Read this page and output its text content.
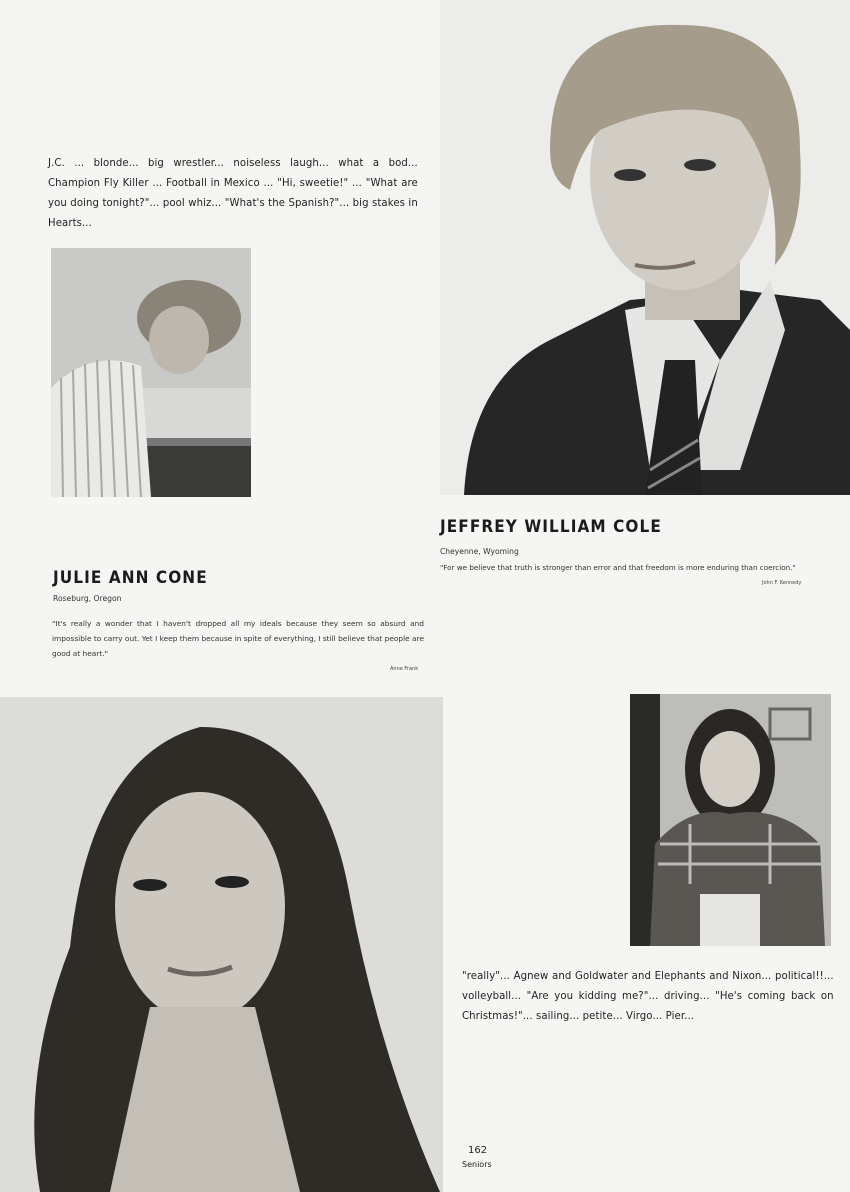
J.C. ... blonde... big wrestler... noiseless laugh... what a bod... Champion Fly Killer ... Football in Mexico ... "Hi, sweetie!" ... "What are you doing tonight?"... pool whiz... "What's the Spanish?"... big stakes in Hearts...
JEFFREY WILLIAM COLE
Cheyenne, Wyoming
"For we believe that truth is stronger than error and that freedom is more enduring than coercion."
John F. Kennedy
JULIE ANN CONE
Roseburg, Oregon
"It's really a wonder that I haven't dropped all my ideals because they seem so absurd and impossible to carry out. Yet I keep them because in spite of everything, I still believe that people are good at heart."
Anne Frank
"really"... Agnew and Goldwater and Elephants and Nixon... political!!... volleyball... "Are you kidding me?"... driving... "He's coming back on Christmas!"... sailing... petite... Virgo... Pier...
162
Seniors
